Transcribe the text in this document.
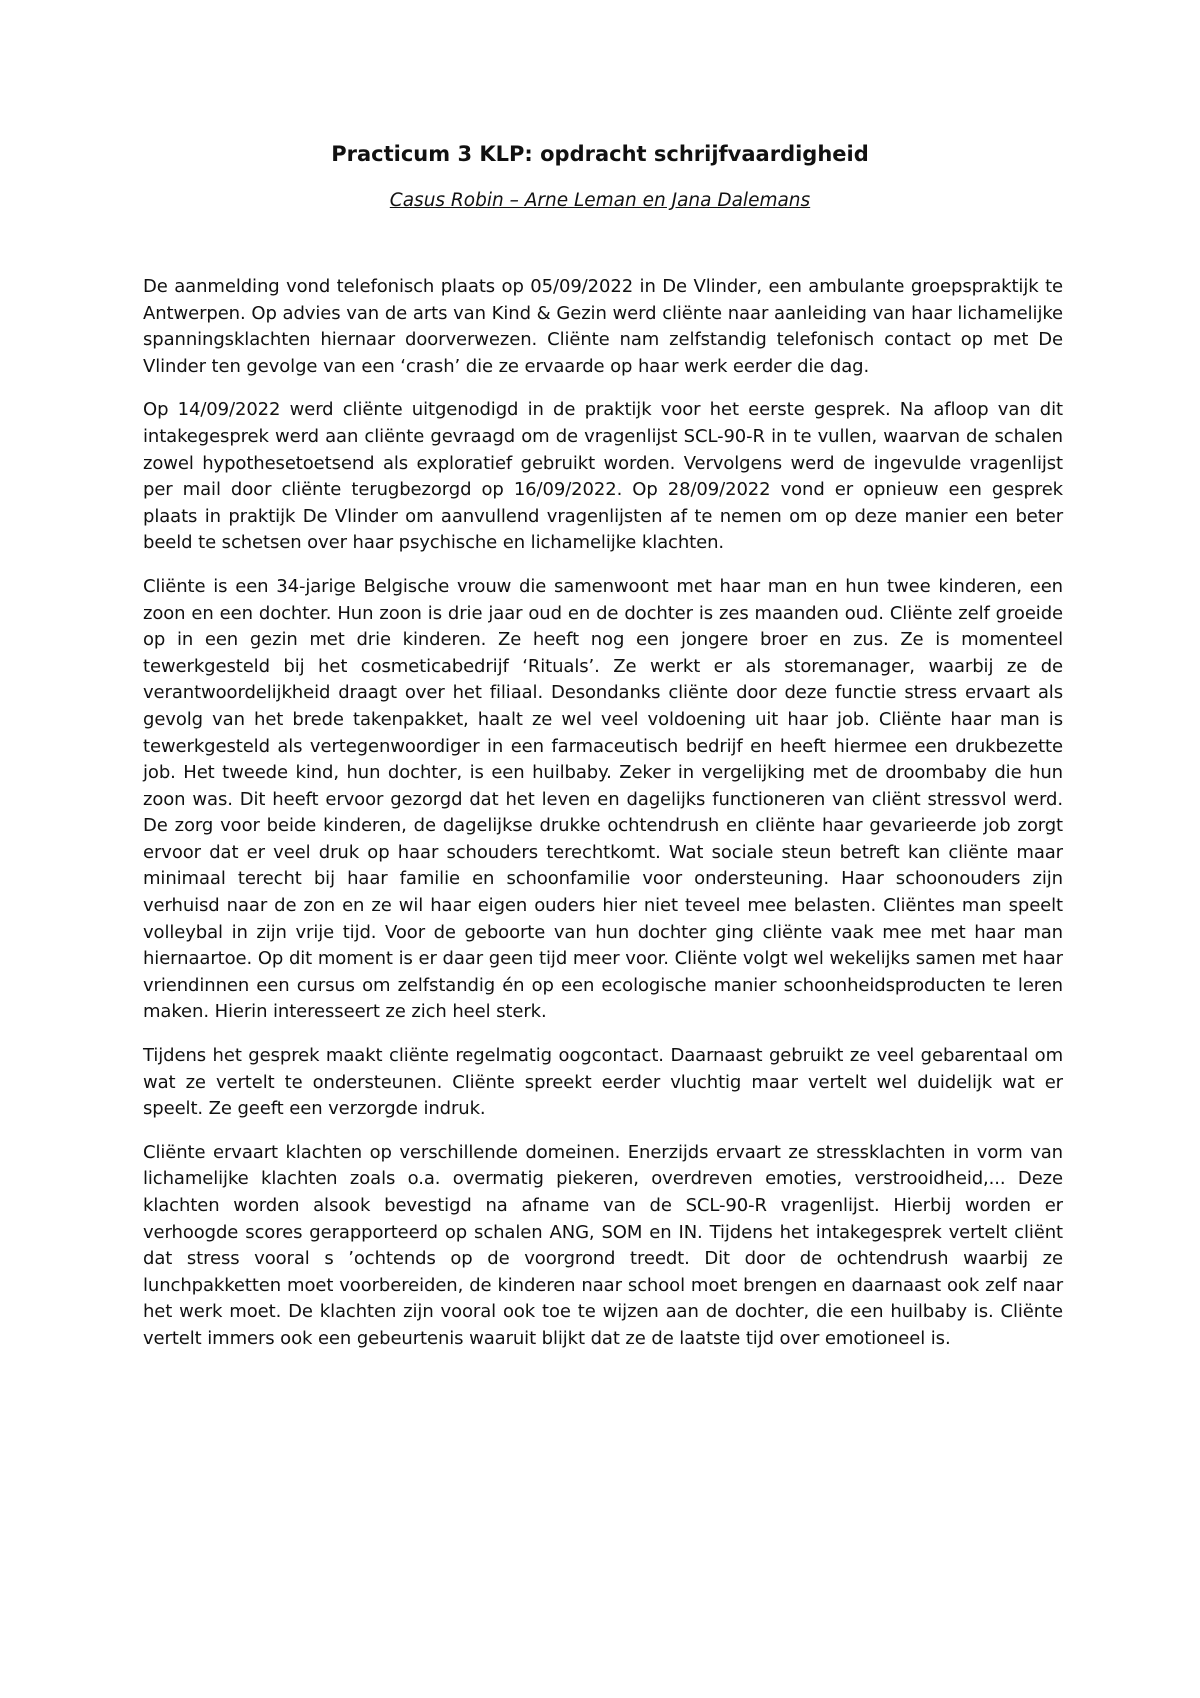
Practicum 3 KLP: opdracht schrijfvaardigheid

Casus Robin – Arne Leman en Jana Dalemans

De aanmelding vond telefonisch plaats op 05/09/2022 in De Vlinder, een ambulante groepspraktijk te Antwerpen. Op advies van de arts van Kind & Gezin werd cliënte naar aanleiding van haar lichamelijke spanningsklachten hiernaar doorverwezen. Cliënte nam zelfstandig telefonisch contact op met De Vlinder ten gevolge van een ‘crash’ die ze ervaarde op haar werk eerder die dag.

Op 14/09/2022 werd cliënte uitgenodigd in de praktijk voor het eerste gesprek. Na afloop van dit intakegesprek werd aan cliënte gevraagd om de vragenlijst SCL-90-R in te vullen, waarvan de schalen zowel hypothesetoetsend als exploratief gebruikt worden. Vervolgens werd de ingevulde vragenlijst per mail door cliënte terugbezorgd op 16/09/2022. Op 28/09/2022 vond er opnieuw een gesprek plaats in praktijk De Vlinder om aanvullend vragenlijsten af te nemen om op deze manier een beter beeld te schetsen over haar psychische en lichamelijke klachten.

Cliënte is een 34-jarige Belgische vrouw die samenwoont met haar man en hun twee kinderen, een zoon en een dochter. Hun zoon is drie jaar oud en de dochter is zes maanden oud. Cliënte zelf groeide op in een gezin met drie kinderen. Ze heeft nog een jongere broer en zus. Ze is momenteel tewerkgesteld bij het cosmeticabedrijf ‘Rituals’. Ze werkt er als storemanager, waarbij ze de verantwoordelijkheid draagt over het filiaal. Desondanks cliënte door deze functie stress ervaart als gevolg van het brede takenpakket, haalt ze wel veel voldoening uit haar job. Cliënte haar man is tewerkgesteld als vertegenwoordiger in een farmaceutisch bedrijf en heeft hiermee een drukbezette job. Het tweede kind, hun dochter, is een huilbaby. Zeker in vergelijking met de droombaby die hun zoon was. Dit heeft ervoor gezorgd dat het leven en dagelijks functioneren van cliënt stressvol werd. De zorg voor beide kinderen, de dagelijkse drukke ochtendrush en cliënte haar gevarieerde job zorgt ervoor dat er veel druk op haar schouders terechtkomt. Wat sociale steun betreft kan cliënte maar minimaal terecht bij haar familie en schoonfamilie voor ondersteuning. Haar schoonouders zijn verhuisd naar de zon en ze wil haar eigen ouders hier niet teveel mee belasten. Cliëntes man speelt volleybal in zijn vrije tijd. Voor de geboorte van hun dochter ging cliënte vaak mee met haar man hiernaartoe. Op dit moment is er daar geen tijd meer voor. Cliënte volgt wel wekelijks samen met haar vriendinnen een cursus om zelfstandig én op een ecologische manier schoonheidsproducten te leren maken. Hierin interesseert ze zich heel sterk.

Tijdens het gesprek maakt cliënte regelmatig oogcontact. Daarnaast gebruikt ze veel gebarentaal om wat ze vertelt te ondersteunen. Cliënte spreekt eerder vluchtig maar vertelt wel duidelijk wat er speelt. Ze geeft een verzorgde indruk.

Cliënte ervaart klachten op verschillende domeinen. Enerzijds ervaart ze stressklachten in vorm van lichamelijke klachten zoals o.a. overmatig piekeren, overdreven emoties, verstrooidheid,... Deze klachten worden alsook bevestigd na afname van de SCL-90-R vragenlijst. Hierbij worden er verhoogde scores gerapporteerd op schalen ANG, SOM en IN. Tijdens het intakegesprek vertelt cliënt dat stress vooral s ’ochtends op de voorgrond treedt. Dit door de ochtendrush waarbij ze lunchpakketten moet voorbereiden, de kinderen naar school moet brengen en daarnaast ook zelf naar het werk moet. De klachten zijn vooral ook toe te wijzen aan de dochter, die een huilbaby is. Cliënte vertelt immers ook een gebeurtenis waaruit blijkt dat ze de laatste tijd over emotioneel is.
